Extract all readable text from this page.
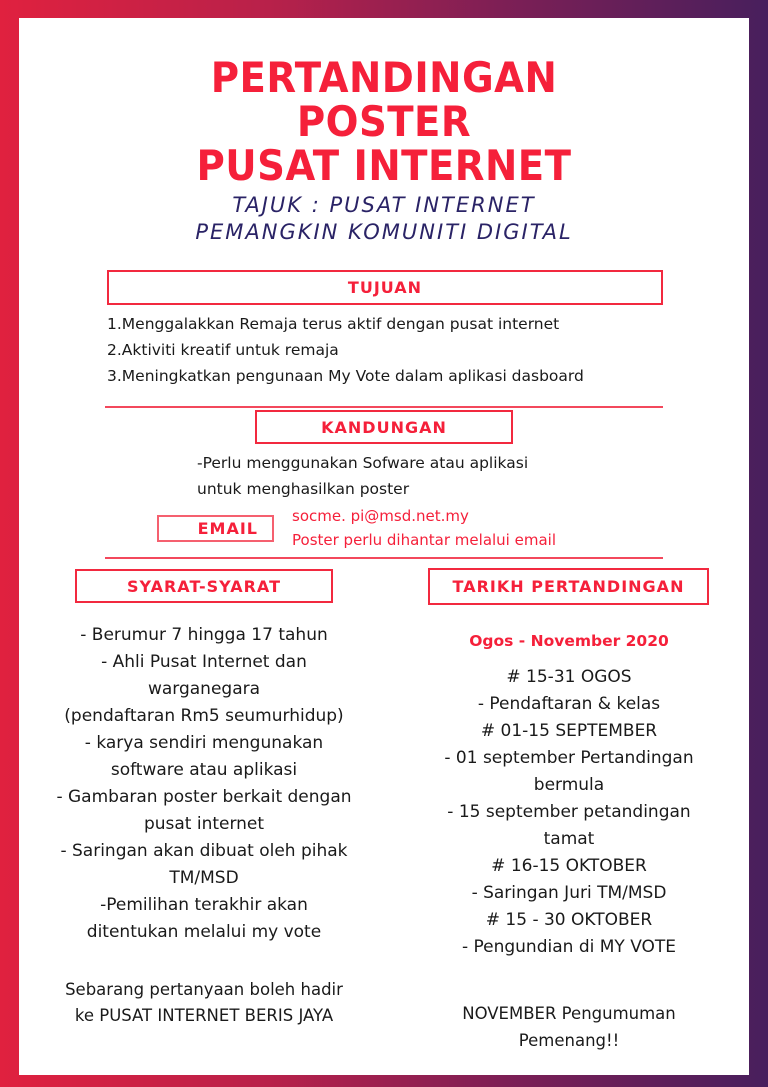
PERTANDINGAN
POSTER
PUSAT INTERNET
TAJUK : PUSAT INTERNET
PEMANGKIN KOMUNITI DIGITAL
TUJUAN
1.Menggalakkan Remaja terus aktif dengan pusat internet
2.Aktiviti kreatif untuk remaja
3.Meningkatkan pengunaan My Vote dalam aplikasi dasboard
KANDUNGAN
-Perlu menggunakan Sofware atau aplikasi
untuk menghasilkan poster
EMAIL
socme. pi@msd.net.my
Poster perlu dihantar melalui email
SYARAT-SYARAT
- Berumur 7 hingga 17 tahun
- Ahli Pusat Internet dan
warganegara
(pendaftaran Rm5 seumurhidup)
- karya sendiri mengunakan
software atau aplikasi
- Gambaran poster berkait dengan
pusat internet
- Saringan akan dibuat oleh pihak
TM/MSD
-Pemilihan terakhir akan
ditentukan melalui my vote
Sebarang pertanyaan boleh hadir
ke PUSAT INTERNET BERIS JAYA
TARIKH PERTANDINGAN
Ogos - November 2020
# 15-31 OGOS
- Pendaftaran & kelas
# 01-15 SEPTEMBER
- 01 september Pertandingan
bermula
- 15 september petandingan
tamat
# 16-15 OKTOBER
- Saringan Juri TM/MSD
# 15 - 30 OKTOBER
- Pengundian di MY VOTE
NOVEMBER Pengumuman
Pemenang!!
